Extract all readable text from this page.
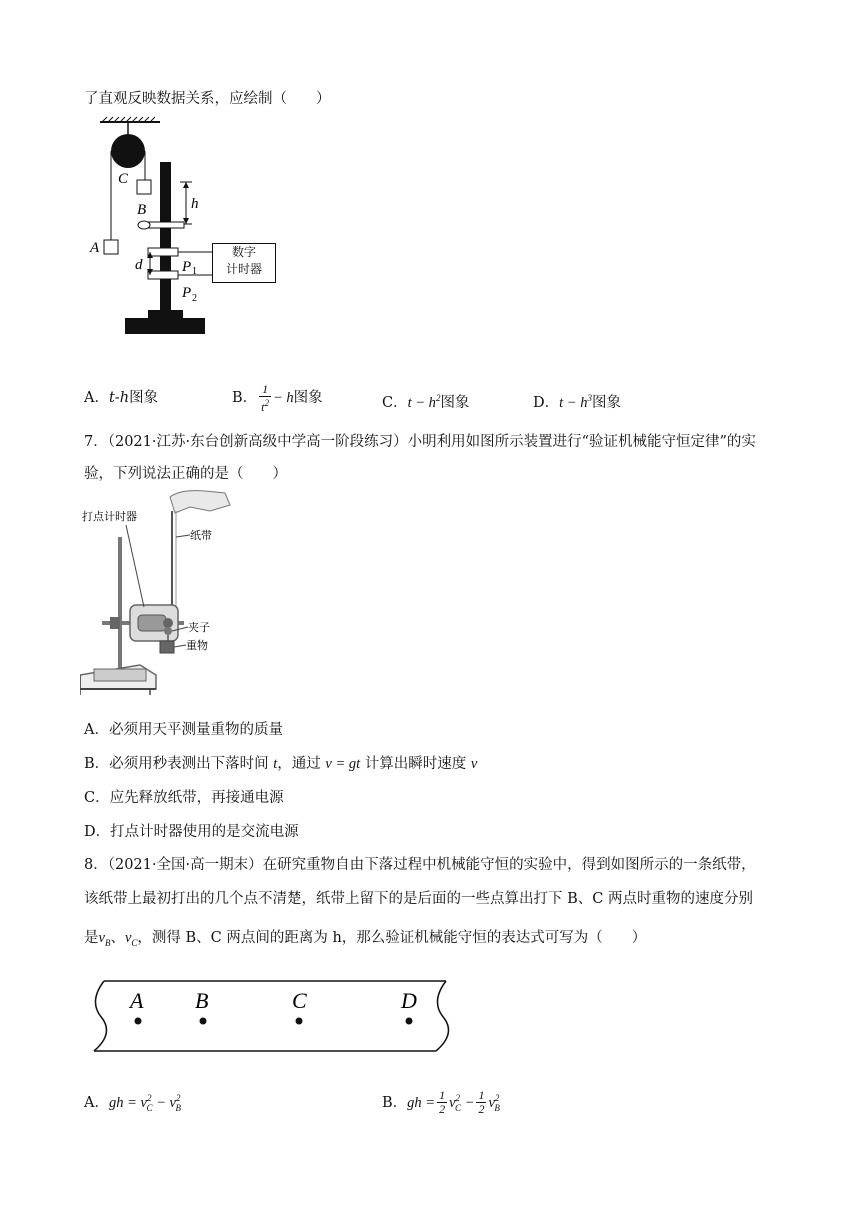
了直观反映数据关系，应绘制（　　）
C
B
A
h
d	P 1
P 2
数字
计时器
A．t-h图象	B． $\frac{1}{t^2} - h$图象	C．$t - h^2$图象	D．$t - h^3$图象
7．（2021·江苏·东台创新高级中学高一阶段练习）小明利用如图所示装置进行“验证机械能守恒定律”的实
验，下列说法正确的是（　　）
打点计时器
纸带
夹子
重物
A．必须用天平测量重物的质量
B．必须用秒表测出下落时间 t，通过 v = gt 计算出瞬时速度 v
C．应先释放纸带，再接通电源
D．打点计时器使用的是交流电源
8．（2021·全国·高一期末）在研究重物自由下落过程中机械能守恒的实验中，得到如图所示的一条纸带，
该纸带上最初打出的几个点不清楚，纸带上留下的是后面的一些点算出打下 B、C 两点时重物的速度分别
是$v_B$、$v_C$，测得 B、C 两点间的距离为 h，那么验证机械能守恒的表达式可写为（　　）
A B	C	D
A．gh = $v^2_C - v^2_B$	B．gh = $\frac{1}{2} v^2_C - \frac{1}{2} v^2_B$
